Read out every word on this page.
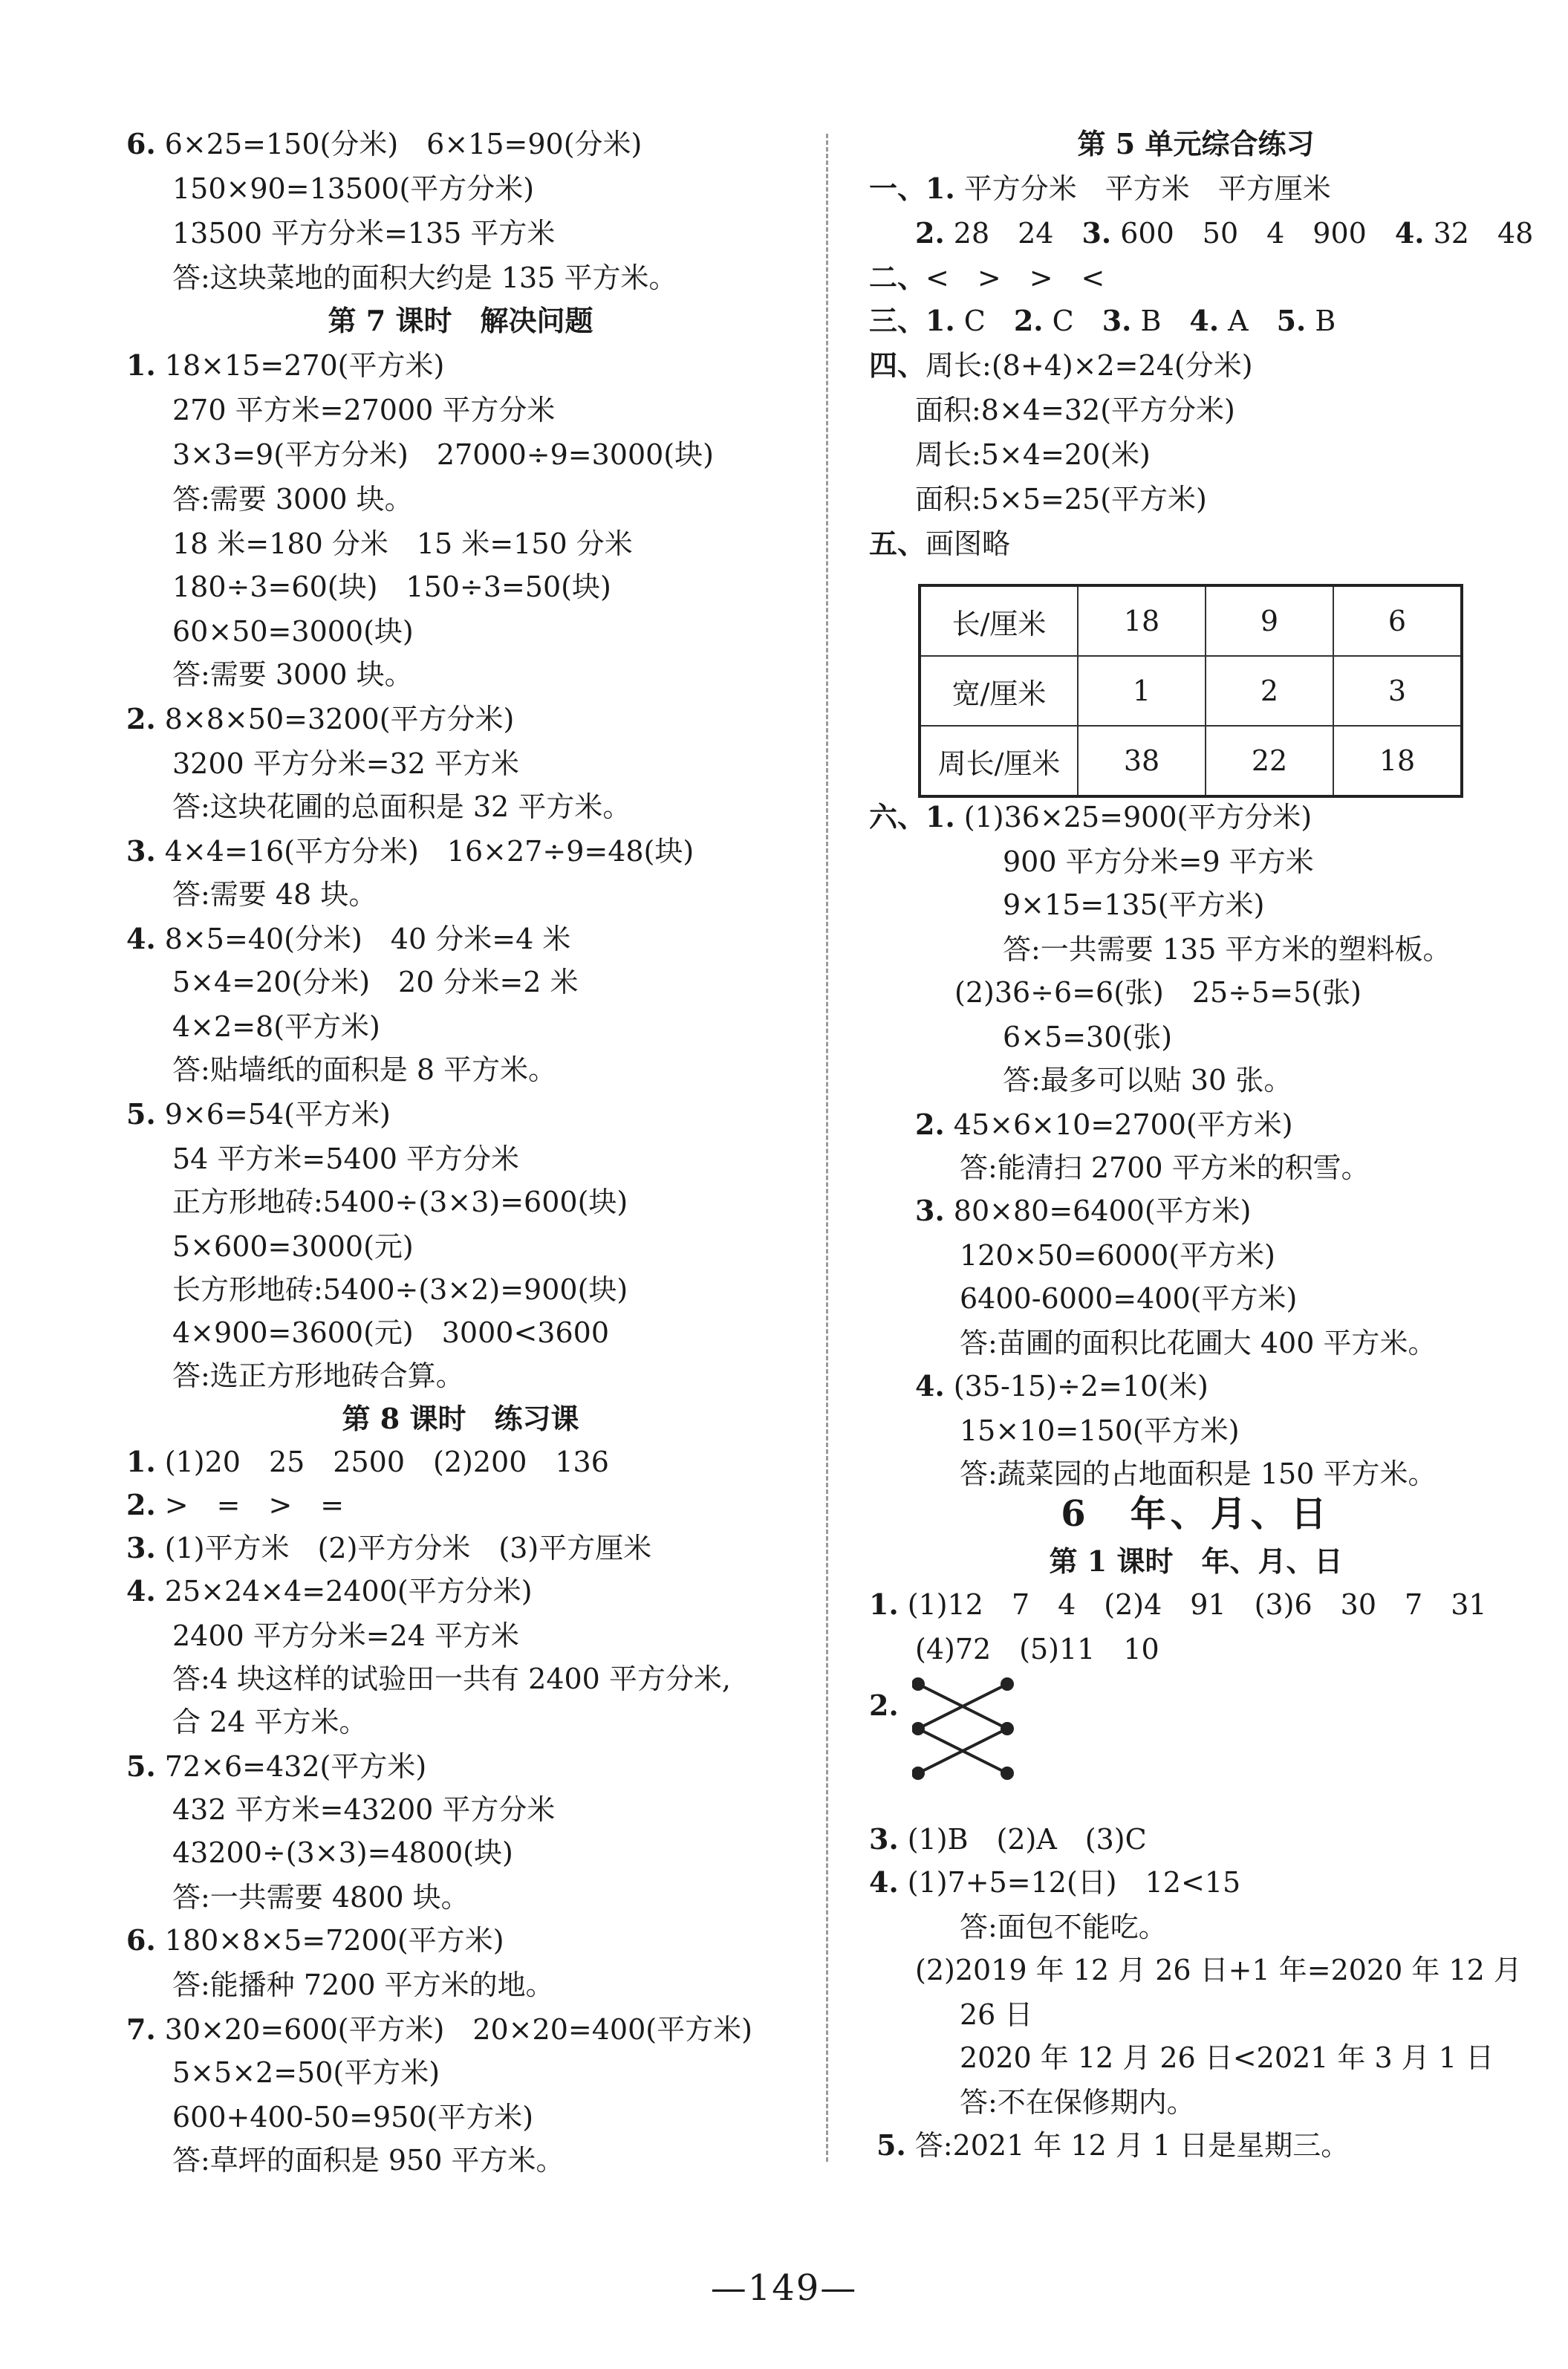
6. 6×25=150(分米)　6×15=90(分米)
150×90=13500(平方分米)
13500 平方分米=135 平方米
答:这块菜地的面积大约是 135 平方米。
第 7 课时　解决问题
1. 18×15=270(平方米)
270 平方米=27000 平方分米
3×3=9(平方分米)　27000÷9=3000(块)
答:需要 3000 块。
18 米=180 分米　15 米=150 分米
180÷3=60(块)　150÷3=50(块)
60×50=3000(块)
答:需要 3000 块。
2. 8×8×50=3200(平方分米)
3200 平方分米=32 平方米
答:这块花圃的总面积是 32 平方米。
3. 4×4=16(平方分米)　16×27÷9=48(块)
答:需要 48 块。
4. 8×5=40(分米)　40 分米=4 米
5×4=20(分米)　20 分米=2 米
4×2=8(平方米)
答:贴墙纸的面积是 8 平方米。
5. 9×6=54(平方米)
54 平方米=5400 平方分米
正方形地砖:5400÷(3×3)=600(块)
5×600=3000(元)
长方形地砖:5400÷(3×2)=900(块)
4×900=3600(元)　3000<3600
答:选正方形地砖合算。
第 8 课时　练习课
1. (1)20　25　2500　(2)200　136
2. >　=　>　=
3. (1)平方米　(2)平方分米　(3)平方厘米
4. 25×24×4=2400(平方分米)
2400 平方分米=24 平方米
答:4 块这样的试验田一共有 2400 平方分米,
合 24 平方米。
5. 72×6=432(平方米)
432 平方米=43200 平方分米
43200÷(3×3)=4800(块)
答:一共需要 4800 块。
6. 180×8×5=7200(平方米)
答:能播种 7200 平方米的地。
7. 30×20=600(平方米)　20×20=400(平方米)
5×5×2=50(平方米)
600+400-50=950(平方米)
答:草坪的面积是 950 平方米。
第 5 单元综合练习
一、1. 平方分米　平方米　平方厘米
2. 28　24　3. 600　50　4　900　4. 32　48
二、<　>　>　<
三、1. C　2. C　3. B　4. A　5. B
四、周长:(8+4)×2=24(分米)
面积:8×4=32(平方分米)
周长:5×4=20(米)
面积:5×5=25(平方米)
五、画图略
长/厘米	18	9	6
宽/厘米	1	2	3
周长/厘米	38	22	18
六、1. (1)36×25=900(平方分米)
900 平方分米=9 平方米
9×15=135(平方米)
答:一共需要 135 平方米的塑料板。
(2)36÷6=6(张)　25÷5=5(张)
6×5=30(张)
答:最多可以贴 30 张。
2. 45×6×10=2700(平方米)
答:能清扫 2700 平方米的积雪。
3. 80×80=6400(平方米)
120×50=6000(平方米)
6400-6000=400(平方米)
答:苗圃的面积比花圃大 400 平方米。
4. (35-15)÷2=10(米)
15×10=150(平方米)
答:蔬菜园的占地面积是 150 平方米。
6　年、月、日
第 1 课时　年、月、日
1. (1)12　7　4　(2)4　91　(3)6　30　7　31
(4)72　(5)11　10
2.
3. (1)B　(2)A　(3)C
4. (1)7+5=12(日)　12<15
答:面包不能吃。
(2)2019 年 12 月 26 日+1 年=2020 年 12 月
26 日
2020 年 12 月 26 日<2021 年 3 月 1 日
答:不在保修期内。
5. 答:2021 年 12 月 1 日是星期三。
—149—
